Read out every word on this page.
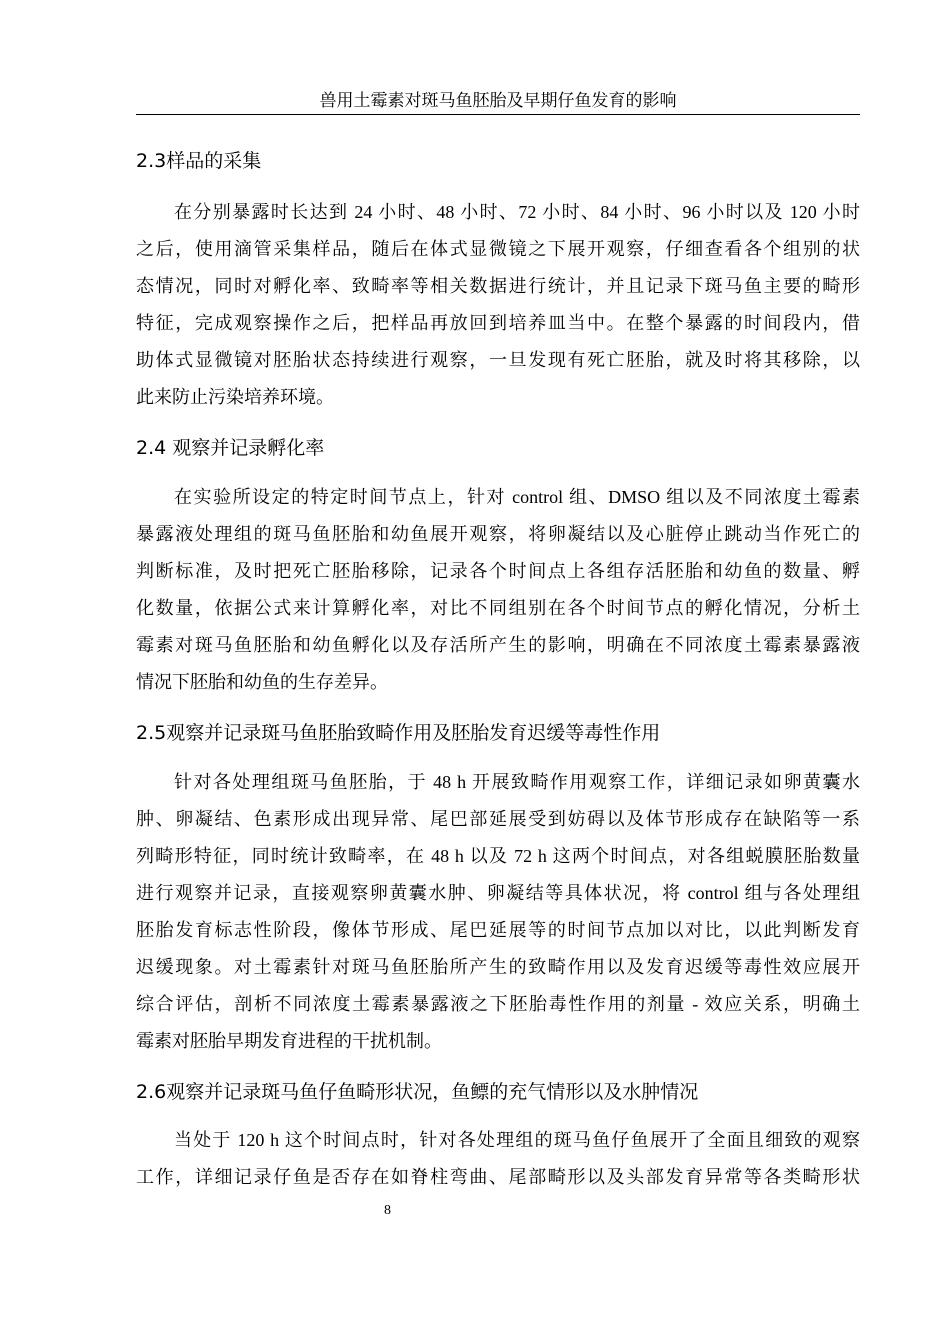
兽用土霉素对斑马鱼胚胎及早期仔鱼发育的影响
2.3样品的采集
在分别暴露时长达到 24 小时、48 小时、72 小时、84 小时、96 小时以及 120 小时
之后，使用滴管采集样品，随后在体式显微镜之下展开观察，仔细查看各个组别的状
态情况，同时对孵化率、致畸率等相关数据进行统计，并且记录下斑马鱼主要的畸形
特征，完成观察操作之后，把样品再放回到培养皿当中。在整个暴露的时间段内，借
助体式显微镜对胚胎状态持续进行观察，一旦发现有死亡胚胎，就及时将其移除，以
此来防止污染培养环境。
2.4 观察并记录孵化率
在实验所设定的特定时间节点上，针对 control 组、DMSO 组以及不同浓度土霉素
暴露液处理组的斑马鱼胚胎和幼鱼展开观察，将卵凝结以及心脏停止跳动当作死亡的
判断标准，及时把死亡胚胎移除，记录各个时间点上各组存活胚胎和幼鱼的数量、孵
化数量，依据公式来计算孵化率，对比不同组别在各个时间节点的孵化情况，分析土
霉素对斑马鱼胚胎和幼鱼孵化以及存活所产生的影响，明确在不同浓度土霉素暴露液
情况下胚胎和幼鱼的生存差异。
2.5观察并记录斑马鱼胚胎致畸作用及胚胎发育迟缓等毒性作用
针对各处理组斑马鱼胚胎，于 48 h 开展致畸作用观察工作，详细记录如卵黄囊水
肿、卵凝结、色素形成出现异常、尾巴部延展受到妨碍以及体节形成存在缺陷等一系
列畸形特征，同时统计致畸率，在 48 h 以及 72 h 这两个时间点，对各组蜕膜胚胎数量
进行观察并记录，直接观察卵黄囊水肿、卵凝结等具体状况，将 control 组与各处理组
胚胎发育标志性阶段，像体节形成、尾巴延展等的时间节点加以对比，以此判断发育
迟缓现象。对土霉素针对斑马鱼胚胎所产生的致畸作用以及发育迟缓等毒性效应展开
综合评估，剖析不同浓度土霉素暴露液之下胚胎毒性作用的剂量 - 效应关系，明确土
霉素对胚胎早期发育进程的干扰机制。
2.6观察并记录斑马鱼仔鱼畸形状况，鱼鳔的充气情形以及水肿情况
当处于 120 h 这个时间点时，针对各处理组的斑马鱼仔鱼展开了全面且细致的观察
工作，详细记录仔鱼是否存在如脊柱弯曲、尾部畸形以及头部发育异常等各类畸形状
8
